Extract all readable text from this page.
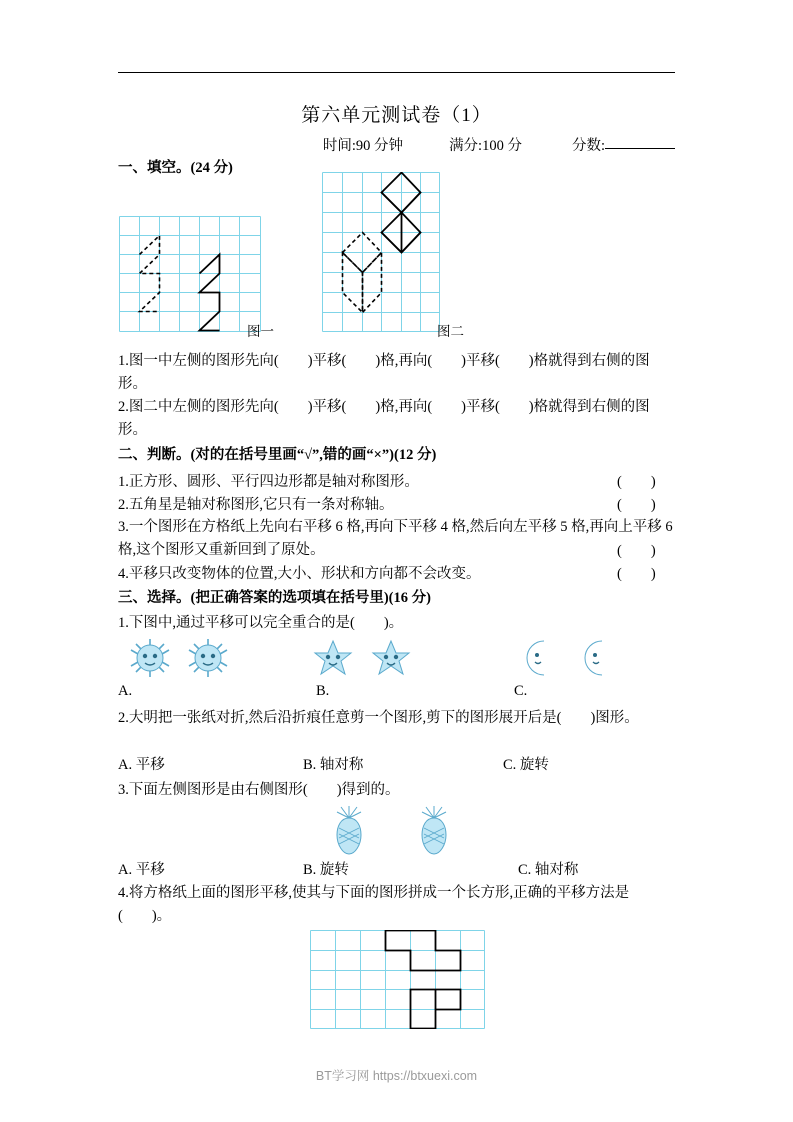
第六单元测试卷（1）
时间:90 分钟	满分:100 分	分数:
一、填空。(24 分)
图一	图二
1.图一中左侧的图形先向(　　)平移(　　)格,再向(　　)平移(　　)格就得到右侧的图形。
2.图二中左侧的图形先向(　　)平移(　　)格,再向(　　)平移(　　)格就得到右侧的图形。
二、判断。(对的在括号里画“√”,错的画“×”)(12 分)
1.正方形、圆形、平行四边形都是轴对称图形。	(　　)
2.五角星是轴对称图形,它只有一条对称轴。	(　　)
3.一个图形在方格纸上先向右平移 6 格,再向下平移 4 格,然后向左平移 5 格,再向上平移 6 格,这个图形又重新回到了原处。	(　　)
4.平移只改变物体的位置,大小、形状和方向都不会改变。	(　　)
三、选择。(把正确答案的选项填在括号里)(16 分)
1.下图中,通过平移可以完全重合的是(　　)。
A.	B.	C.
2.大明把一张纸对折,然后沿折痕任意剪一个图形,剪下的图形展开后是(　　)图形。
A. 平移	B. 轴对称	C. 旋转
3.下面左侧图形是由右侧图形(　　)得到的。
A. 平移	B. 旋转	C. 轴对称
4.将方格纸上面的图形平移,使其与下面的图形拼成一个长方形,正确的平移方法是(　　)。
BT学习网 https://btxuexi.com
